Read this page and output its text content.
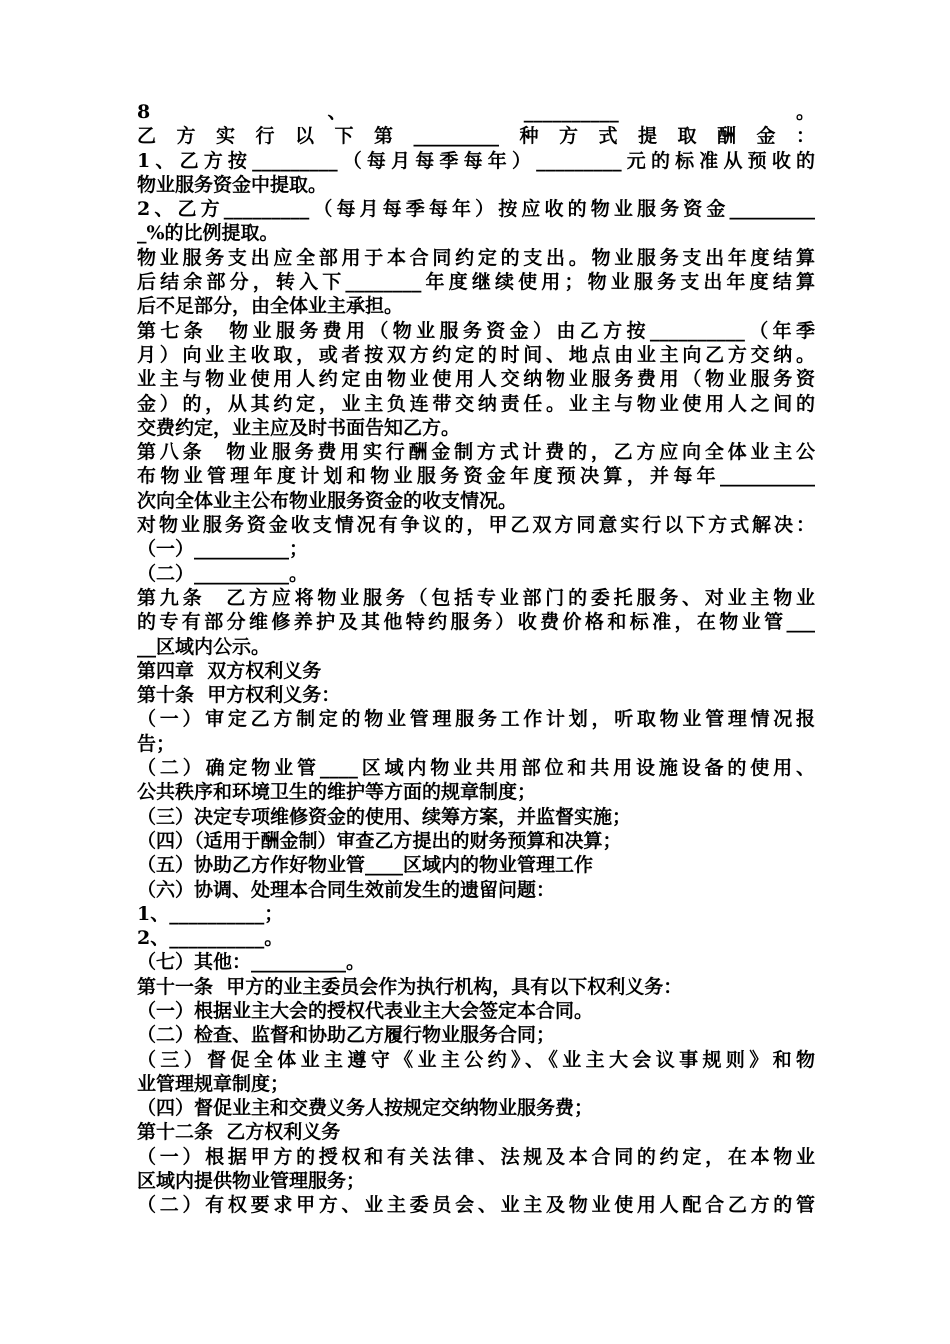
8、__________。
乙方实行以下第_________种方式提取酬金：
1、乙方按_________（每月每季每年）_________元的标准从预收的
物业服务资金中提取。
2、乙方_________（每月每季每年）按应收的物业服务资金_________
_%的比例提取。
物业服务支出应全部用于本合同约定的支出。物业服务支出年度结算
后结余部分，转入下________年度继续使用；物业服务支出年度结算
后不足部分，由全体业主承担。
第七条  物业服务费用（物业服务资金）由乙方按__________（年季
月）向业主收取，或者按双方约定的时间、地点由业主向乙方交纳。
业主与物业使用人约定由物业使用人交纳物业服务费用（物业服务资
金）的，从其约定，业主负连带交纳责任。业主与物业使用人之间的
交费约定，业主应及时书面告知乙方。
第八条  物业服务费用实行酬金制方式计费的，乙方应向全体业主公
布物业管理年度计划和物业服务资金年度预决算，并每年__________
次向全体业主公布物业服务资金的收支情况。
对物业服务资金收支情况有争议的，甲乙双方同意实行以下方式解决：
（一）__________；
（二）__________。
第九条  乙方应将物业服务（包括专业部门的委托服务、对业主物业
的专有部分维修养护及其他特约服务）收费价格和标准，在物业管___
__区域内公示。
第四章  双方权利义务
第十条  甲方权利义务：
（一）审定乙方制定的物业管理服务工作计划，听取物业管理情况报
告；
（二）确定物业管____区域内物业共用部位和共用设施设备的使用、
公共秩序和环境卫生的维护等方面的规章制度；
（三）决定专项维修资金的使用、续筹方案，并监督实施；
（四）（适用于酬金制）审查乙方提出的财务预算和决算；
（五）协助乙方作好物业管____区域内的物业管理工作
（六）协调、处理本合同生效前发生的遗留问题：
1、__________；
2、__________。
（七）其他：__________。
第十一条  甲方的业主委员会作为执行机构，具有以下权利义务：
（一）根据业主大会的授权代表业主大会签定本合同。
（二）检查、监督和协助乙方履行物业服务合同；
（三）督促全体业主遵守《业主公约》、《业主大会议事规则》和物
业管理规章制度；
（四）督促业主和交费义务人按规定交纳物业服务费；
第十二条  乙方权利义务
（一）根据甲方的授权和有关法律、法规及本合同的约定，在本物业
区域内提供物业管理服务；
（二）有权要求甲方、业主委员会、业主及物业使用人配合乙方的管
